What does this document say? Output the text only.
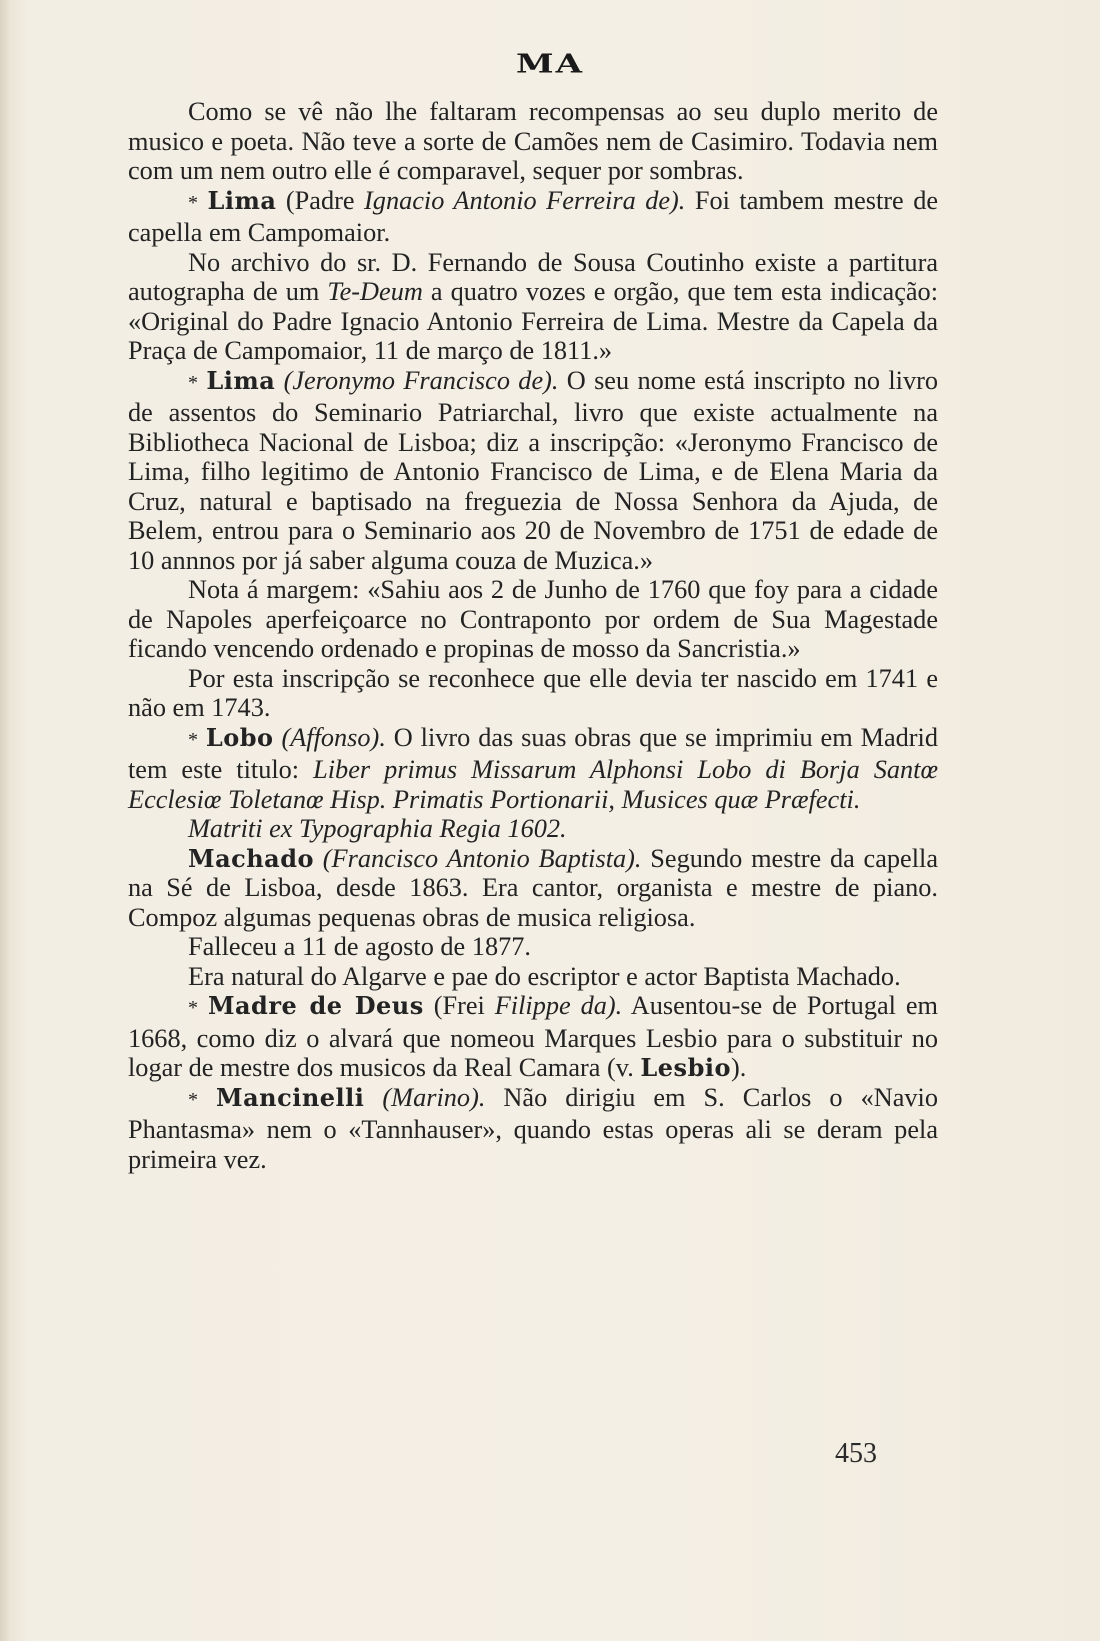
MA

Como se vê não lhe faltaram recompensas ao seu duplo merito de musico e poeta. Não teve a sorte de Camões nem de Casimiro. Todavia nem com um nem outro elle é comparavel, sequer por sombras.

* Lima (Padre Ignacio Antonio Ferreira de). Foi tambem mestre de capella em Campomaior.

No archivo do sr. D. Fernando de Sousa Coutinho existe a partitura autographa de um Te-Deum a quatro vozes e orgão, que tem esta indicação: «Original do Padre Ignacio Antonio Ferreira de Lima. Mestre da Capela da Praça de Campomaior, 11 de março de 1811.»

* Lima (Jeronymo Francisco de). O seu nome está inscripto no livro de assentos do Seminario Patriarchal, livro que existe actualmente na Bibliotheca Nacional de Lisboa; diz a inscripção: «Jeronymo Francisco de Lima, filho legitimo de Antonio Francisco de Lima, e de Elena Maria da Cruz, natural e baptisado na freguezia de Nossa Senhora da Ajuda, de Belem, entrou para o Seminario aos 20 de Novembro de 1751 de edade de 10 annnos por já saber alguma couza de Muzica.»

Nota á margem: «Sahiu aos 2 de Junho de 1760 que foy para a cidade de Napoles aperfeiçoarce no Contraponto por ordem de Sua Magestade ficando vencendo ordenado e propinas de mosso da Sancristia.»

Por esta inscripção se reconhece que elle devia ter nascido em 1741 e não em 1743.

* Lobo (Affonso). O livro das suas obras que se imprimiu em Madrid tem este titulo: Liber primus Missarum Alphonsi Lobo di Borja Santœ Ecclesiœ Toletanœ Hisp. Primatis Portionarii, Musices quæ Præfecti.

Matriti ex Typographia Regia 1602.

Machado (Francisco Antonio Baptista). Segundo mestre da capella na Sé de Lisboa, desde 1863. Era cantor, organista e mestre de piano. Compoz algumas pequenas obras de musica religiosa.

Falleceu a 11 de agosto de 1877.

Era natural do Algarve e pae do escriptor e actor Baptista Machado.

* Madre de Deus (Frei Filippe da). Ausentou-se de Portugal em 1668, como diz o alvará que nomeou Marques Lesbio para o substituir no logar de mestre dos musicos da Real Camara (v. Lesbio).

* Mancinelli (Marino). Não dirigiu em S. Carlos o «Navio Phantasma» nem o «Tannhauser», quando estas operas ali se deram pela primeira vez.

453
